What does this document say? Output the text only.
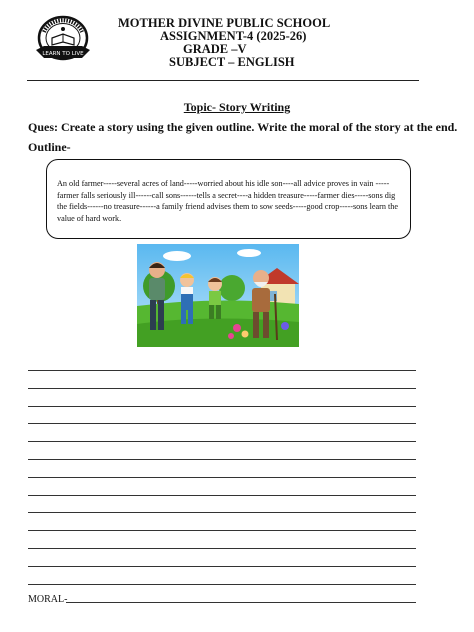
LEARN TO LIVE
MOTHER DIVINE PUBLIC SCHOOL
ASSIGNMENT-4 (2025-26)
GRADE –V
SUBJECT – ENGLISH
Topic- Story Writing
Ques: Create a story using the given outline. Write the moral of the story at the end.
Outline-
An old farmer-----several acres of land-----worried about his idle son----all advice proves in vain -----farmer falls seriously ill------call sons------tells a secret----a hidden treasure-----farmer dies-----sons dig the fields------no treasure------a family friend advises them to sow seeds-----good crop-----sons learn the value of hard work.
MORAL-
